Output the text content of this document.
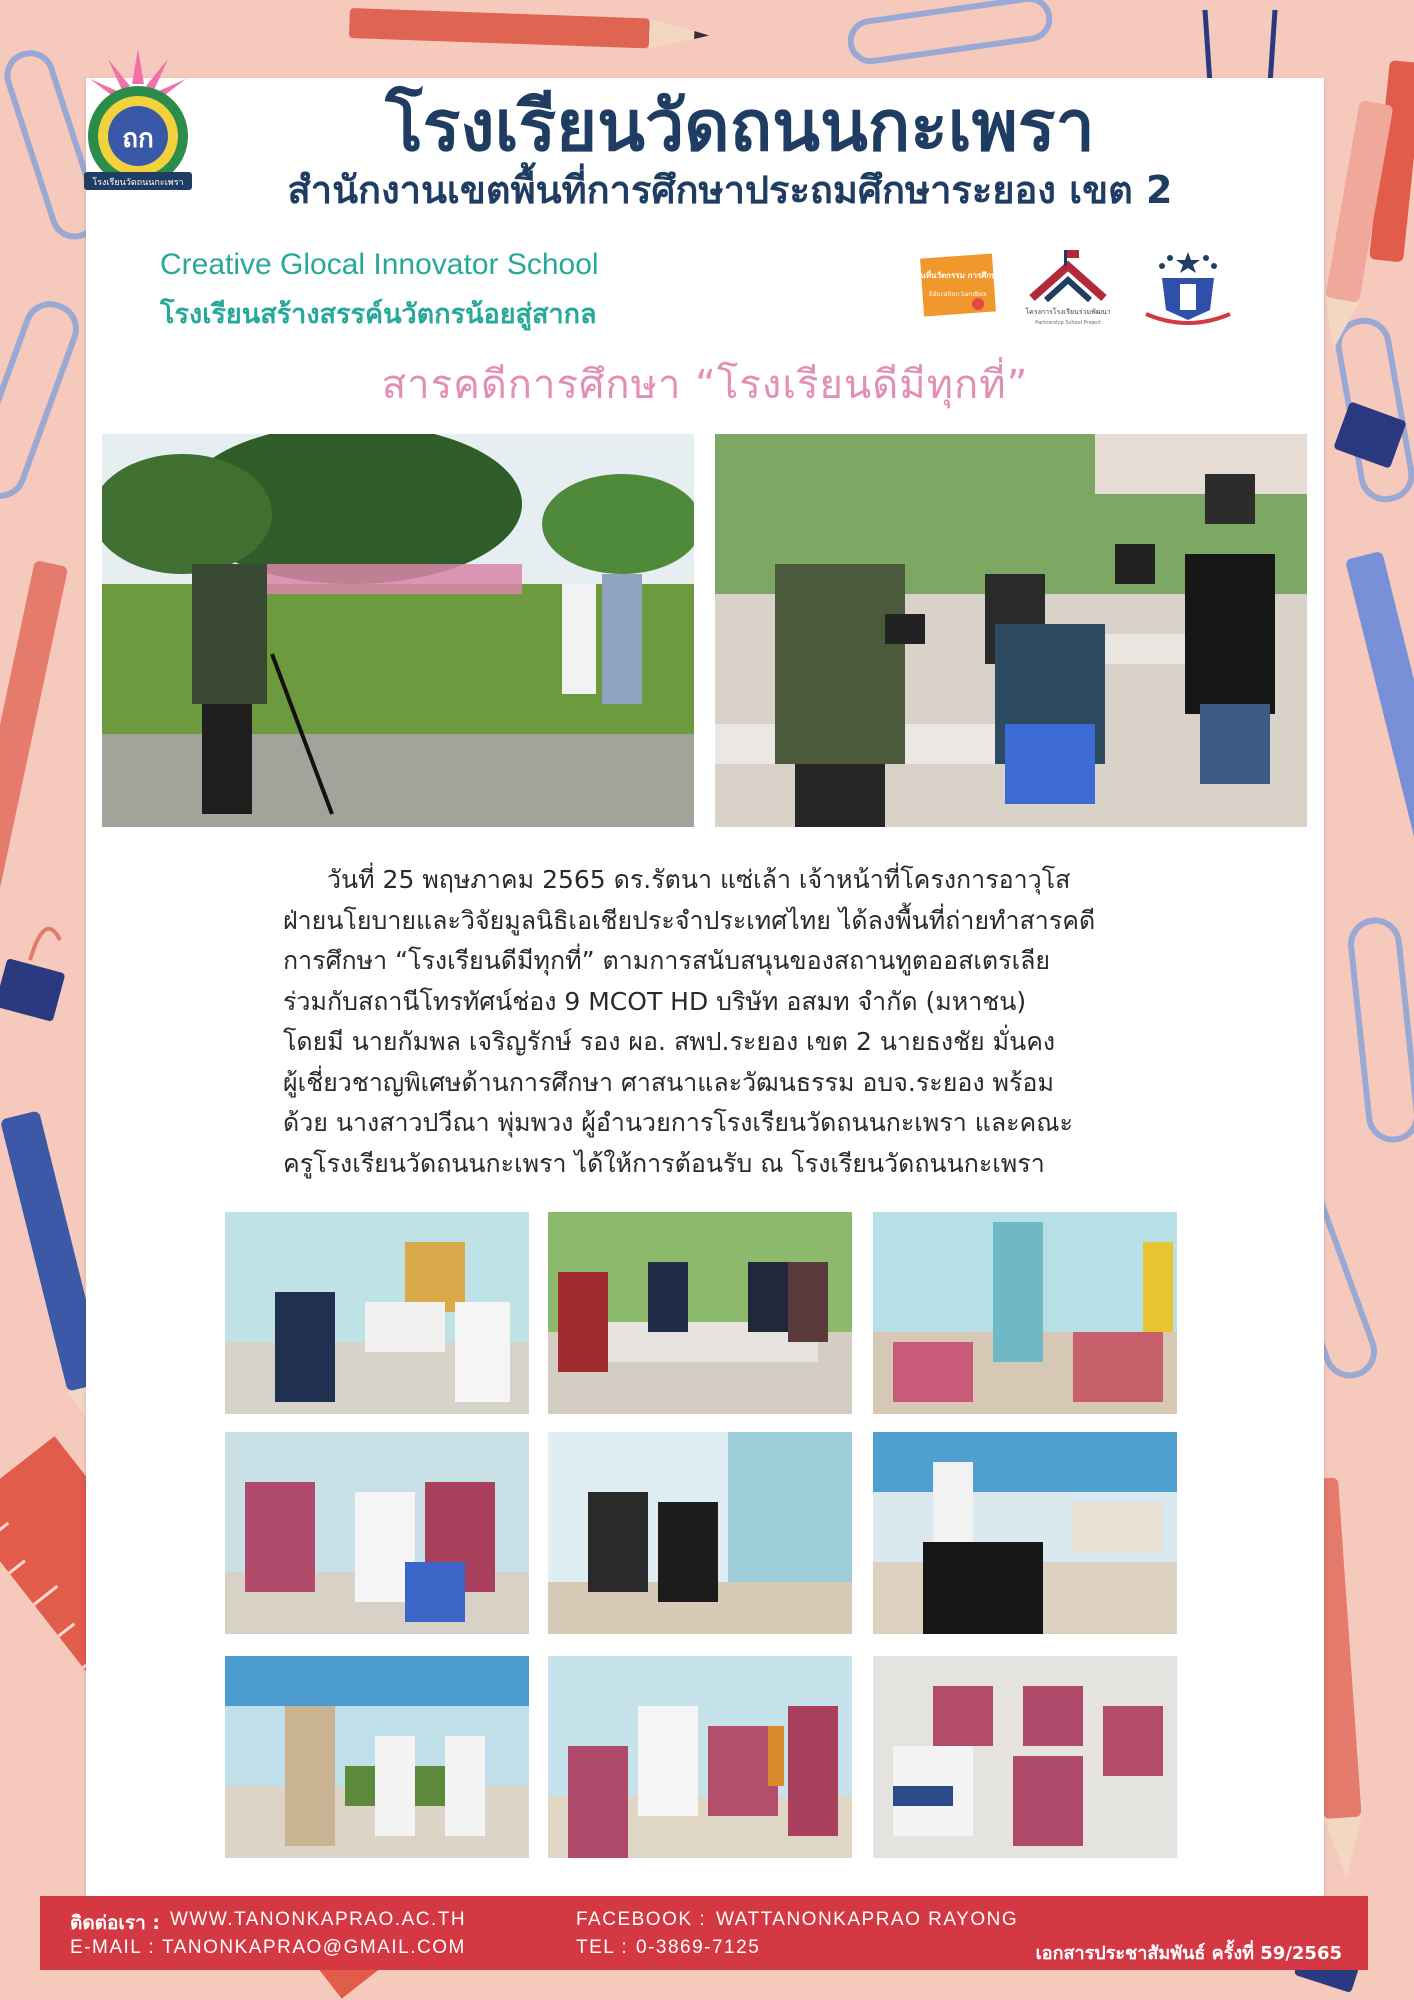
ถก
โรงเรียนวัดถนนกะเพรา
โรงเรียนวัดถนนกะเพรา
สำนักงานเขตพื้นที่การศึกษาประถมศึกษาระยอง เขต 2
Creative Glocal Innovator School
โรงเรียนสร้างสรรค์นวัตกรน้อยสู่สากล
พื้นที่นวัตกรรม การศึกษา
Education Sandbox
โครงการโรงเรียนร่วมพัฒนา
Partnership School Project
สารคดีการศึกษา “โรงเรียนดีมีทุกที่”
วันที่ 25 พฤษภาคม 2565 ดร.รัตนา แซ่เล้า เจ้าหน้าที่โครงการอาวุโส
ฝ่ายนโยบายและวิจัยมูลนิธิเอเชียประจำประเทศไทย ได้ลงพื้นที่ถ่ายทำสารคดี
การศึกษา “โรงเรียนดีมีทุกที่” ตามการสนับสนุนของสถานทูตออสเตรเลีย
ร่วมกับสถานีโทรทัศน์ช่อง 9 MCOT HD บริษัท อสมท จำกัด (มหาชน)
โดยมี นายกัมพล เจริญรักษ์ รอง ผอ. สพป.ระยอง เขต 2 นายธงชัย มั่นคง
ผู้เชี่ยวชาญพิเศษด้านการศึกษา ศาสนาและวัฒนธรรม อบจ.ระยอง พร้อม
ด้วย นางสาวปวีณา พุ่มพวง ผู้อำนวยการโรงเรียนวัดถนนกะเพรา และคณะ
ครูโรงเรียนวัดถนนกะเพรา ได้ให้การต้อนรับ ณ โรงเรียนวัดถนนกะเพรา
ติดต่อเรา : WWW.TANONKAPRAO.AC.TH
E-MAIL : TANONKAPRAO@GMAIL.COM
FACEBOOK : WATTANONKAPRAO RAYONG
TEL : 0-3869-7125	เอกสารประชาสัมพันธ์ ครั้งที่ 59/2565
